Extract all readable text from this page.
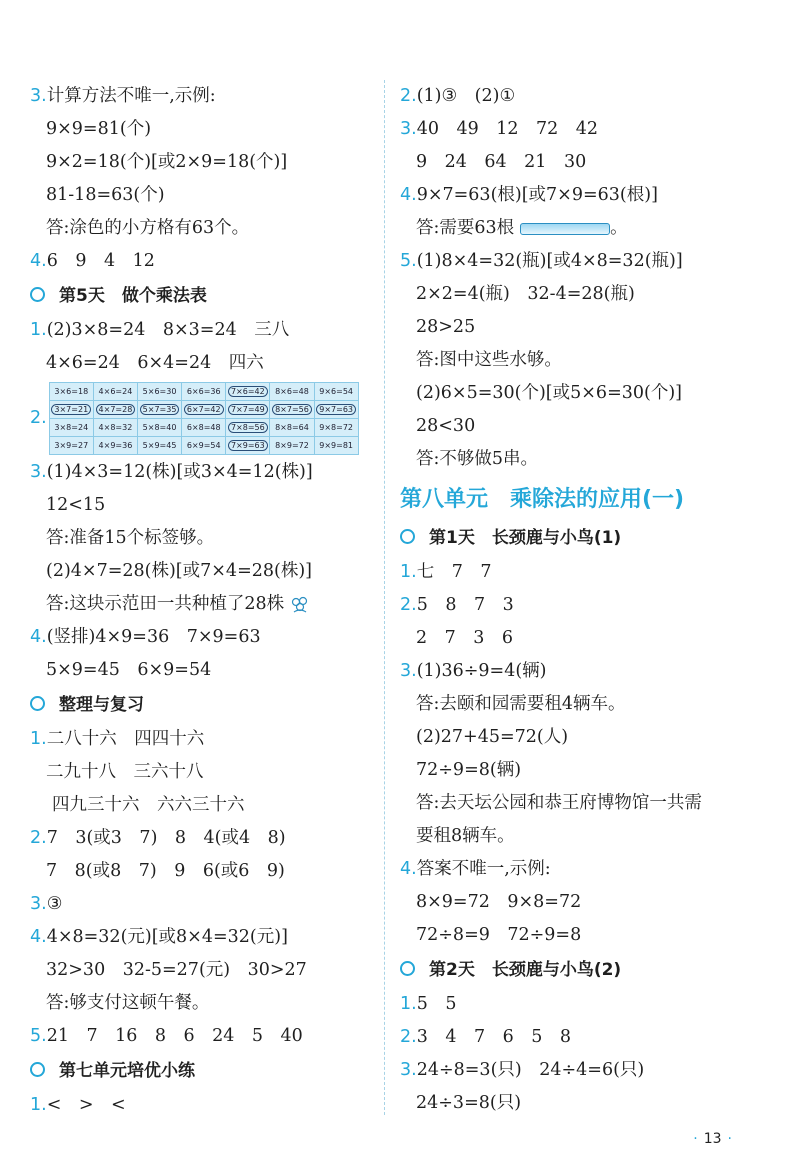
3.计算方法不唯一,示例:
9×9=81(个)
9×2=18(个)[或2×9=18(个)]
81-18=63(个)
答:涂色的小方格有63个。
4.6　9　4　12
第5天　做个乘法表
1.(2)3×8=24　8×3=24　三八
4×6=24　6×4=24　四六
2.
3×6=18	4×6=24	5×6=30	6×6=36	7×6=42	8×6=48	9×6=54
3×7=21	4×7=28	5×7=35	6×7=42	7×7=49	8×7=56	9×7=63
3×8=24	4×8=32	5×8=40	6×8=48	7×8=56	8×8=64	9×8=72
3×9=27	4×9=36	5×9=45	6×9=54	7×9=63	8×9=72	9×9=81
3.(1)4×3=12(株)[或3×4=12(株)]
12<15
答:准备15个标签够。
(2)4×7=28(株)[或7×4=28(株)]
答:这块示范田一共种植了28株
4.(竖排)4×9=36　7×9=63
5×9=45　6×9=54
整理与复习
1.二八十六　四四十六
二九十八　三六十八
四九三十六　六六三十六
2.7　3(或3　7)　8　4(或4　8)
7　8(或8　7)　9　6(或6　9)
3.③
4.4×8=32(元)[或8×4=32(元)]
32>30　32-5=27(元)　30>27
答:够支付这顿午餐。
5.21　7　16　8　6　24　5　40
第七单元培优小练
1.<　>　<
2.(1)③　(2)①
3.40　49　12　72　42
9　24　64　21　30
4.9×7=63(根)[或7×9=63(根)]
答:需要63根	。
5.(1)8×4=32(瓶)[或4×8=32(瓶)]
2×2=4(瓶)　32-4=28(瓶)
28>25
答:图中这些水够。
(2)6×5=30(个)[或5×6=30(个)]
28<30
答:不够做5串。
第八单元　乘除法的应用(一)
第1天　长颈鹿与小鸟(1)
1.七　7　7
2.5　8　7　3
2　7　3　6
3.(1)36÷9=4(辆)
答:去颐和园需要租4辆车。
(2)27+45=72(人)
72÷9=8(辆)
答:去天坛公园和恭王府博物馆一共需
要租8辆车。
4.答案不唯一,示例:
8×9=72　9×8=72
72÷8=9　72÷9=8
第2天　长颈鹿与小鸟(2)
1.5　5
2.3　4　7　6　5　8
3.24÷8=3(只)　24÷4=6(只)
24÷3=8(只)
· 13 ·
